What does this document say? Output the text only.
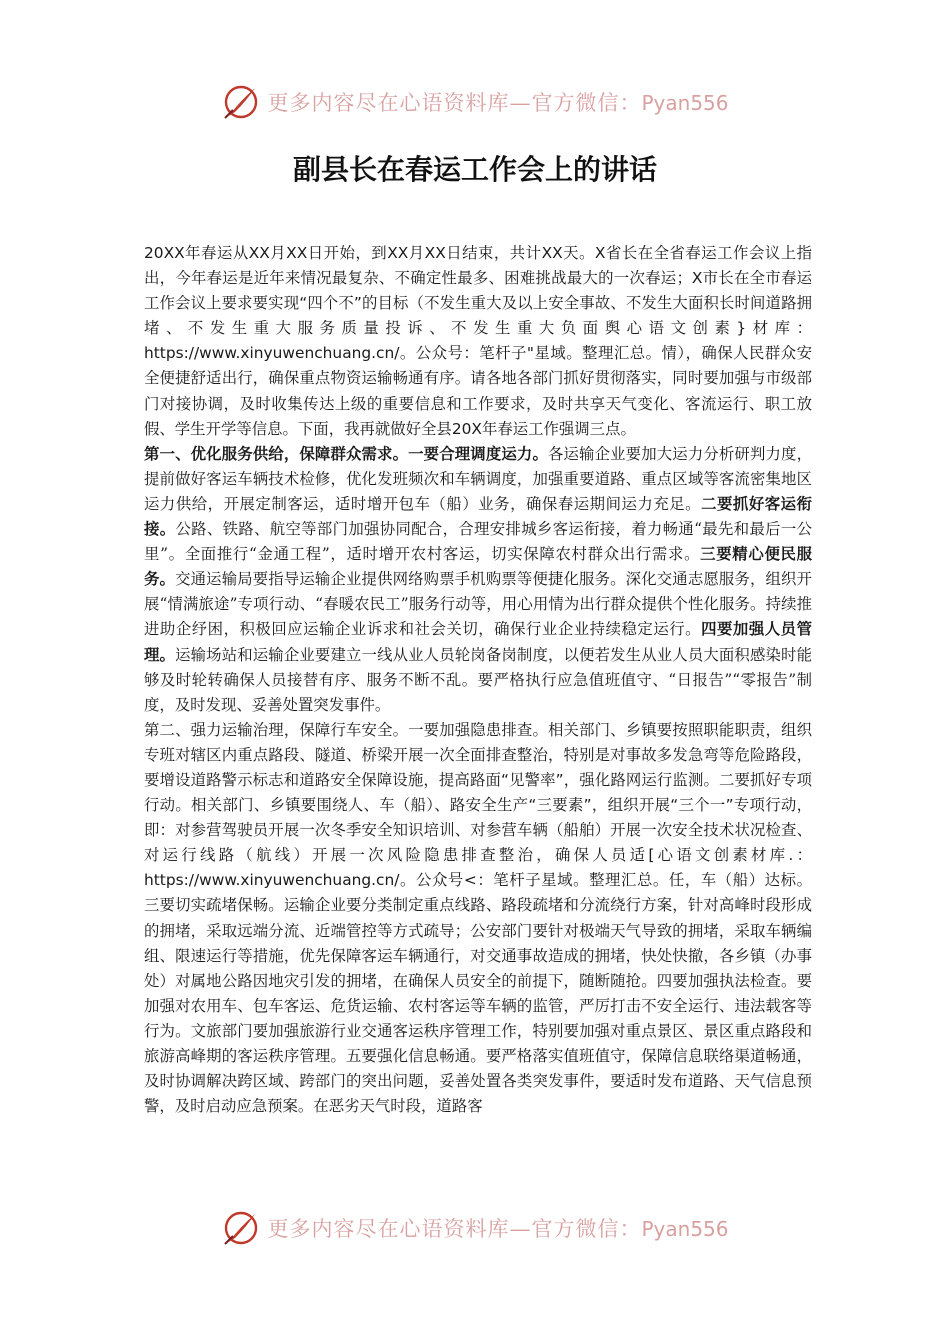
更多内容尽在心语资料库—官方微信：Pyan556
副县长在春运工作会上的讲话

20XX年春运从XX月XX日开始，到XX月XX日结束，共计XX天。X省长在全省春运工作会议上指出，今年春运是近年来情况最复杂、不确定性最多、困难挑战最大的一次春运；X市长在全市春运工作会议上要求要实现“四个不”的目标（不发生重大及以上安全事故、不发生大面积长时间道路拥堵、不发生重大服务质量投诉、不发生重大负面舆心语文创素}材库：https://www.xinyuwenchuang.cn/。公众号：笔杆子"星域。整理汇总。情），确保人民群众安全便捷舒适出行，确保重点物资运输畅通有序。请各地各部门抓好贯彻落实，同时要加强与市级部门对接协调，及时收集传达上级的重要信息和工作要求，及时共享天气变化、客流运行、职工放假、学生开学等信息。下面，我再就做好全县20X年春运工作强调三点。

第一、优化服务供给，保障群众需求。一要合理调度运力。各运输企业要加大运力分析研判力度，提前做好客运车辆技术检修，优化发班频次和车辆调度，加强重要道路、重点区域等客流密集地区运力供给，开展定制客运，适时增开包车（船）业务，确保春运期间运力充足。二要抓好客运衔接。公路、铁路、航空等部门加强协同配合，合理安排城乡客运衔接，着力畅通“最先和最后一公里”。全面推行“金通工程”，适时增开农村客运，切实保障农村群众出行需求。三要精心便民服务。交通运输局要指导运输企业提供网络购票手机购票等便捷化服务。深化交通志愿服务，组织开展“情满旅途”专项行动、“春暖农民工”服务行动等，用心用情为出行群众提供个性化服务。持续推进助企纾困，积极回应运输企业诉求和社会关切，确保行业企业持续稳定运行。四要加强人员管理。运输场站和运输企业要建立一线从业人员轮岗备岗制度，以便若发生从业人员大面积感染时能够及时轮转确保人员接替有序、服务不断不乱。要严格执行应急值班值守、“日报告”“零报告”制度，及时发现、妥善处置突发事件。

第二、强力运输治理，保障行车安全。一要加强隐患排查。相关部门、乡镇要按照职能职责，组织专班对辖区内重点路段、隧道、桥梁开展一次全面排查整治，特别是对事故多发急弯等危险路段，要增设道路警示标志和道路安全保障设施，提高路面“见警率”，强化路网运行监测。二要抓好专项行动。相关部门、乡镇要围绕人、车（船）、路安全生产“三要素”，组织开展“三个一”专项行动，即：对参营驾驶员开展一次冬季安全知识培训、对参营车辆（船舶）开展一次安全技术状况检查、对运行线路（航线）开展一次风险隐患排查整治，确保人员适[心语文创素材库.：https://www.xinyuwenchuang.cn/。公众号<：笔杆子星域。整理汇总。任，车（船）达标。三要切实疏堵保畅。运输企业要分类制定重点线路、路段疏堵和分流绕行方案，针对高峰时段形成的拥堵，采取远端分流、近端管控等方式疏导；公安部门要针对极端天气导致的拥堵，采取车辆编组、限速运行等措施，优先保障客运车辆通行，对交通事故造成的拥堵，快处快撤，各乡镇（办事处）对属地公路因地灾引发的拥堵，在确保人员安全的前提下，随断随抢。四要加强执法检查。要加强对农用车、包车客运、危货运输、农村客运等车辆的监管，严厉打击不安全运行、违法载客等行为。文旅部门要加强旅游行业交通客运秩序管理工作，特别要加强对重点景区、景区重点路段和旅游高峰期的客运秩序管理。五要强化信息畅通。要严格落实值班值守，保障信息联络渠道畅通，及时协调解决跨区域、跨部门的突出问题，妥善处置各类突发事件，要适时发布道路、天气信息预警，及时启动应急预案。在恶劣天气时段，道路客

更多内容尽在心语资料库—官方微信：Pyan556
